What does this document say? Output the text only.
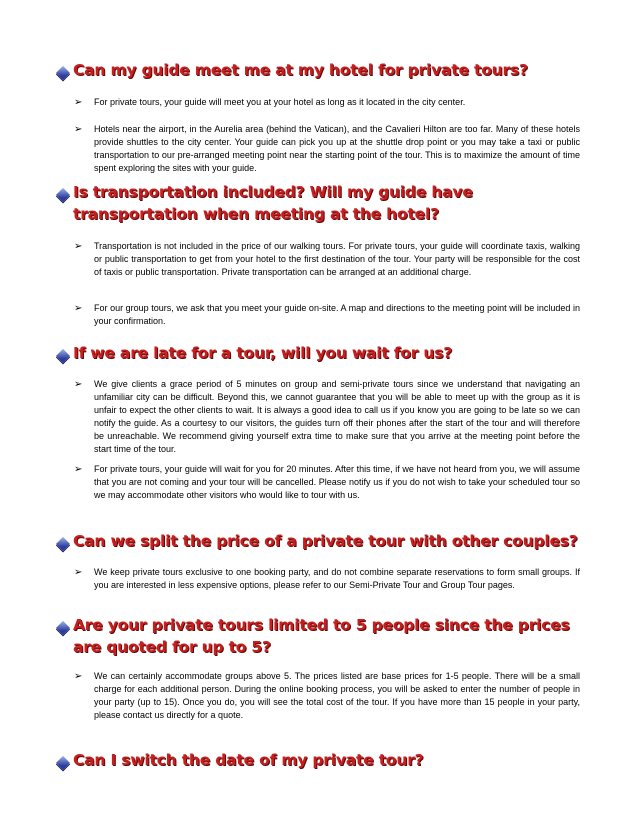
Can my guide meet me at my hotel for private tours?
➢	For private tours, your guide will meet you at your hotel as long as it located in the city center.
➢	Hotels near the airport, in the Aurelia area (behind the Vatican), and the Cavalieri Hilton are too far. Many of these hotels provide shuttles to the city center. Your guide can pick you up at the shuttle drop point or you may take a taxi or public transportation to our pre-arranged meeting point near the starting point of the tour. This is to maximize the amount of time spent exploring the sites with your guide.
Is transportation included? Will my guide have transportation when meeting at the hotel?
➢	Transportation is not included in the price of our walking tours. For private tours, your guide will coordinate taxis, walking or public transportation to get from your hotel to the first destination of the tour. Your party will be responsible for the cost of taxis or public transportation. Private transportation can be arranged at an additional charge.
➢	For our group tours, we ask that you meet your guide on-site. A map and directions to the meeting point will be included in your confirmation.
If we are late for a tour, will you wait for us?
➢	We give clients a grace period of 5 minutes on group and semi-private tours since we understand that navigating an unfamiliar city can be difficult. Beyond this, we cannot guarantee that you will be able to meet up with the group as it is unfair to expect the other clients to wait. It is always a good idea to call us if you know you are going to be late so we can notify the guide. As a courtesy to our visitors, the guides turn off their phones after the start of the tour and will therefore be unreachable. We recommend giving yourself extra time to make sure that you arrive at the meeting point before the start time of the tour.
➢	For private tours, your guide will wait for you for 20 minutes. After this time, if we have not heard from you, we will assume that you are not coming and your tour will be cancelled. Please notify us if you do not wish to take your scheduled tour so we may accommodate other visitors who would like to tour with us.
Can we split the price of a private tour with other couples?
➢	We keep private tours exclusive to one booking party, and do not combine separate reservations to form small groups. If you are interested in less expensive options, please refer to our Semi-Private Tour and Group Tour pages.
Are your private tours limited to 5 people since the prices are quoted for up to 5?
➢	We can certainly accommodate groups above 5. The prices listed are base prices for 1-5 people. There will be a small charge for each additional person. During the online booking process, you will be asked to enter the number of people in your party (up to 15). Once you do, you will see the total cost of the tour. If you have more than 15 people in your party, please contact us directly for a quote.
Can I switch the date of my private tour?
